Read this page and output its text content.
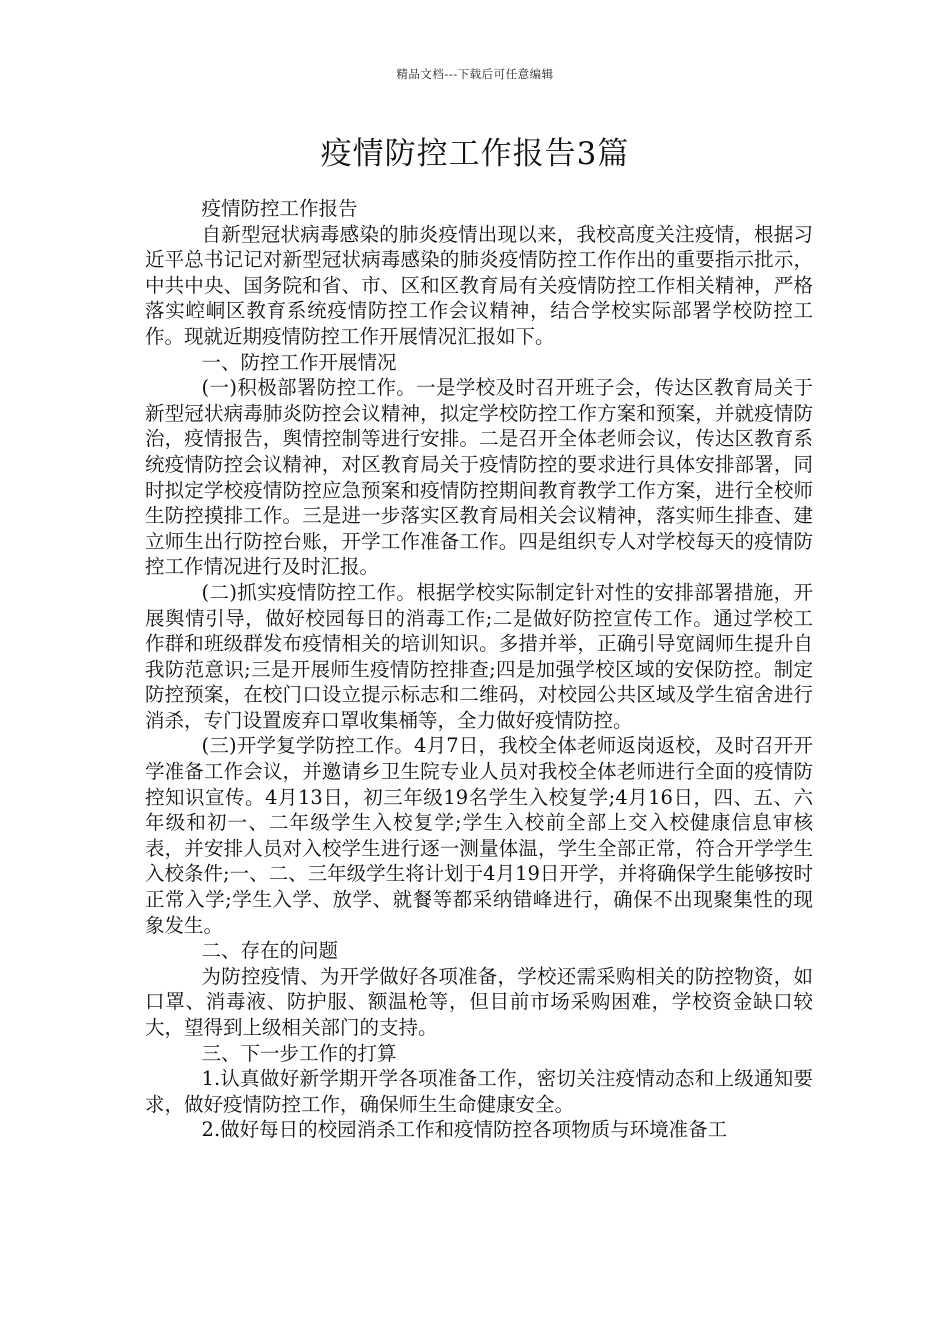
精品文档---下载后可任意编辑
疫情防控工作报告3篇

疫情防控工作报告

自新型冠状病毒感染的肺炎疫情出现以来，我校高度关注疫情，根据习近平总书记记对新型冠状病毒感染的肺炎疫情防控工作作出的重要指示批示，中共中央、国务院和省、市、区和区教育局有关疫情防控工作相关精神，严格落实崆峒区教育系统疫情防控工作会议精神，结合学校实际部署学校防控工作。现就近期疫情防控工作开展情况汇报如下。

一、防控工作开展情况

(一)积极部署防控工作。一是学校及时召开班子会，传达区教育局关于新型冠状病毒肺炎防控会议精神，拟定学校防控工作方案和预案，并就疫情防治，疫情报告，舆情控制等进行安排。二是召开全体老师会议，传达区教育系统疫情防控会议精神，对区教育局关于疫情防控的要求进行具体安排部署，同时拟定学校疫情防控应急预案和疫情防控期间教育教学工作方案，进行全校师生防控摸排工作。三是进一步落实区教育局相关会议精神，落实师生排查、建立师生出行防控台账，开学工作准备工作。四是组织专人对学校每天的疫情防控工作情况进行及时汇报。

(二)抓实疫情防控工作。根据学校实际制定针对性的安排部署措施，开展舆情引导，做好校园每日的消毒工作;二是做好防控宣传工作。通过学校工作群和班级群发布疫情相关的培训知识。多措并举，正确引导宽阔师生提升自我防范意识;三是开展师生疫情防控排查;四是加强学校区域的安保防控。制定防控预案，在校门口设立提示标志和二维码，对校园公共区域及学生宿舍进行消杀，专门设置废弃口罩收集桶等，全力做好疫情防控。

(三)开学复学防控工作。4月7日，我校全体老师返岗返校，及时召开开学准备工作会议，并邀请乡卫生院专业人员对我校全体老师进行全面的疫情防控知识宣传。4月13日，初三年级19名学生入校复学;4月16日，四、五、六年级和初一、二年级学生入校复学;学生入校前全部上交入校健康信息审核表，并安排人员对入校学生进行逐一测量体温，学生全部正常，符合开学学生入校条件;一、二、三年级学生将计划于4月19日开学，并将确保学生能够按时正常入学;学生入学、放学、就餐等都采纳错峰进行，确保不出现聚集性的现象发生。

二、存在的问题

为防控疫情、为开学做好各项准备，学校还需采购相关的防控物资，如口罩、消毒液、防护服、额温枪等，但目前市场采购困难，学校资金缺口较大，望得到上级相关部门的支持。

三、下一步工作的打算

1.认真做好新学期开学各项准备工作，密切关注疫情动态和上级通知要求，做好疫情防控工作，确保师生生命健康安全。

2.做好每日的校园消杀工作和疫情防控各项物质与环境准备工
